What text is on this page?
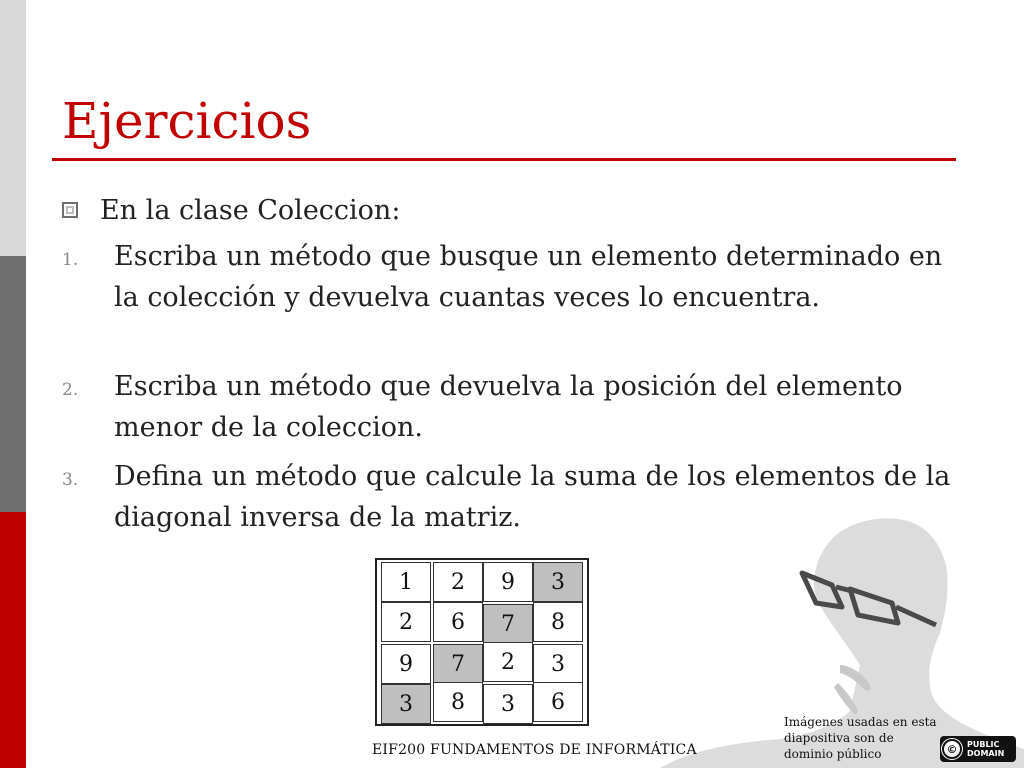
Ejercicios
En la clase Coleccion:
1.	Escriba un método que busque un elemento determinado en la colección y devuelva cuantas veces lo encuentra.
2.	Escriba un método que devuelva la posición del elemento menor de la coleccion.
3.	Defina un método que calcule la suma de los elementos de la diagonal inversa de la matriz.
1	2	9	3
2	6	7	8
9	7	2	3
3	8	3	6
EIF200 FUNDAMENTOS DE INFORMÁTICA
Imágenes usadas en esta diapositiva son de dominio público	©	PUBLIC
DOMAIN
